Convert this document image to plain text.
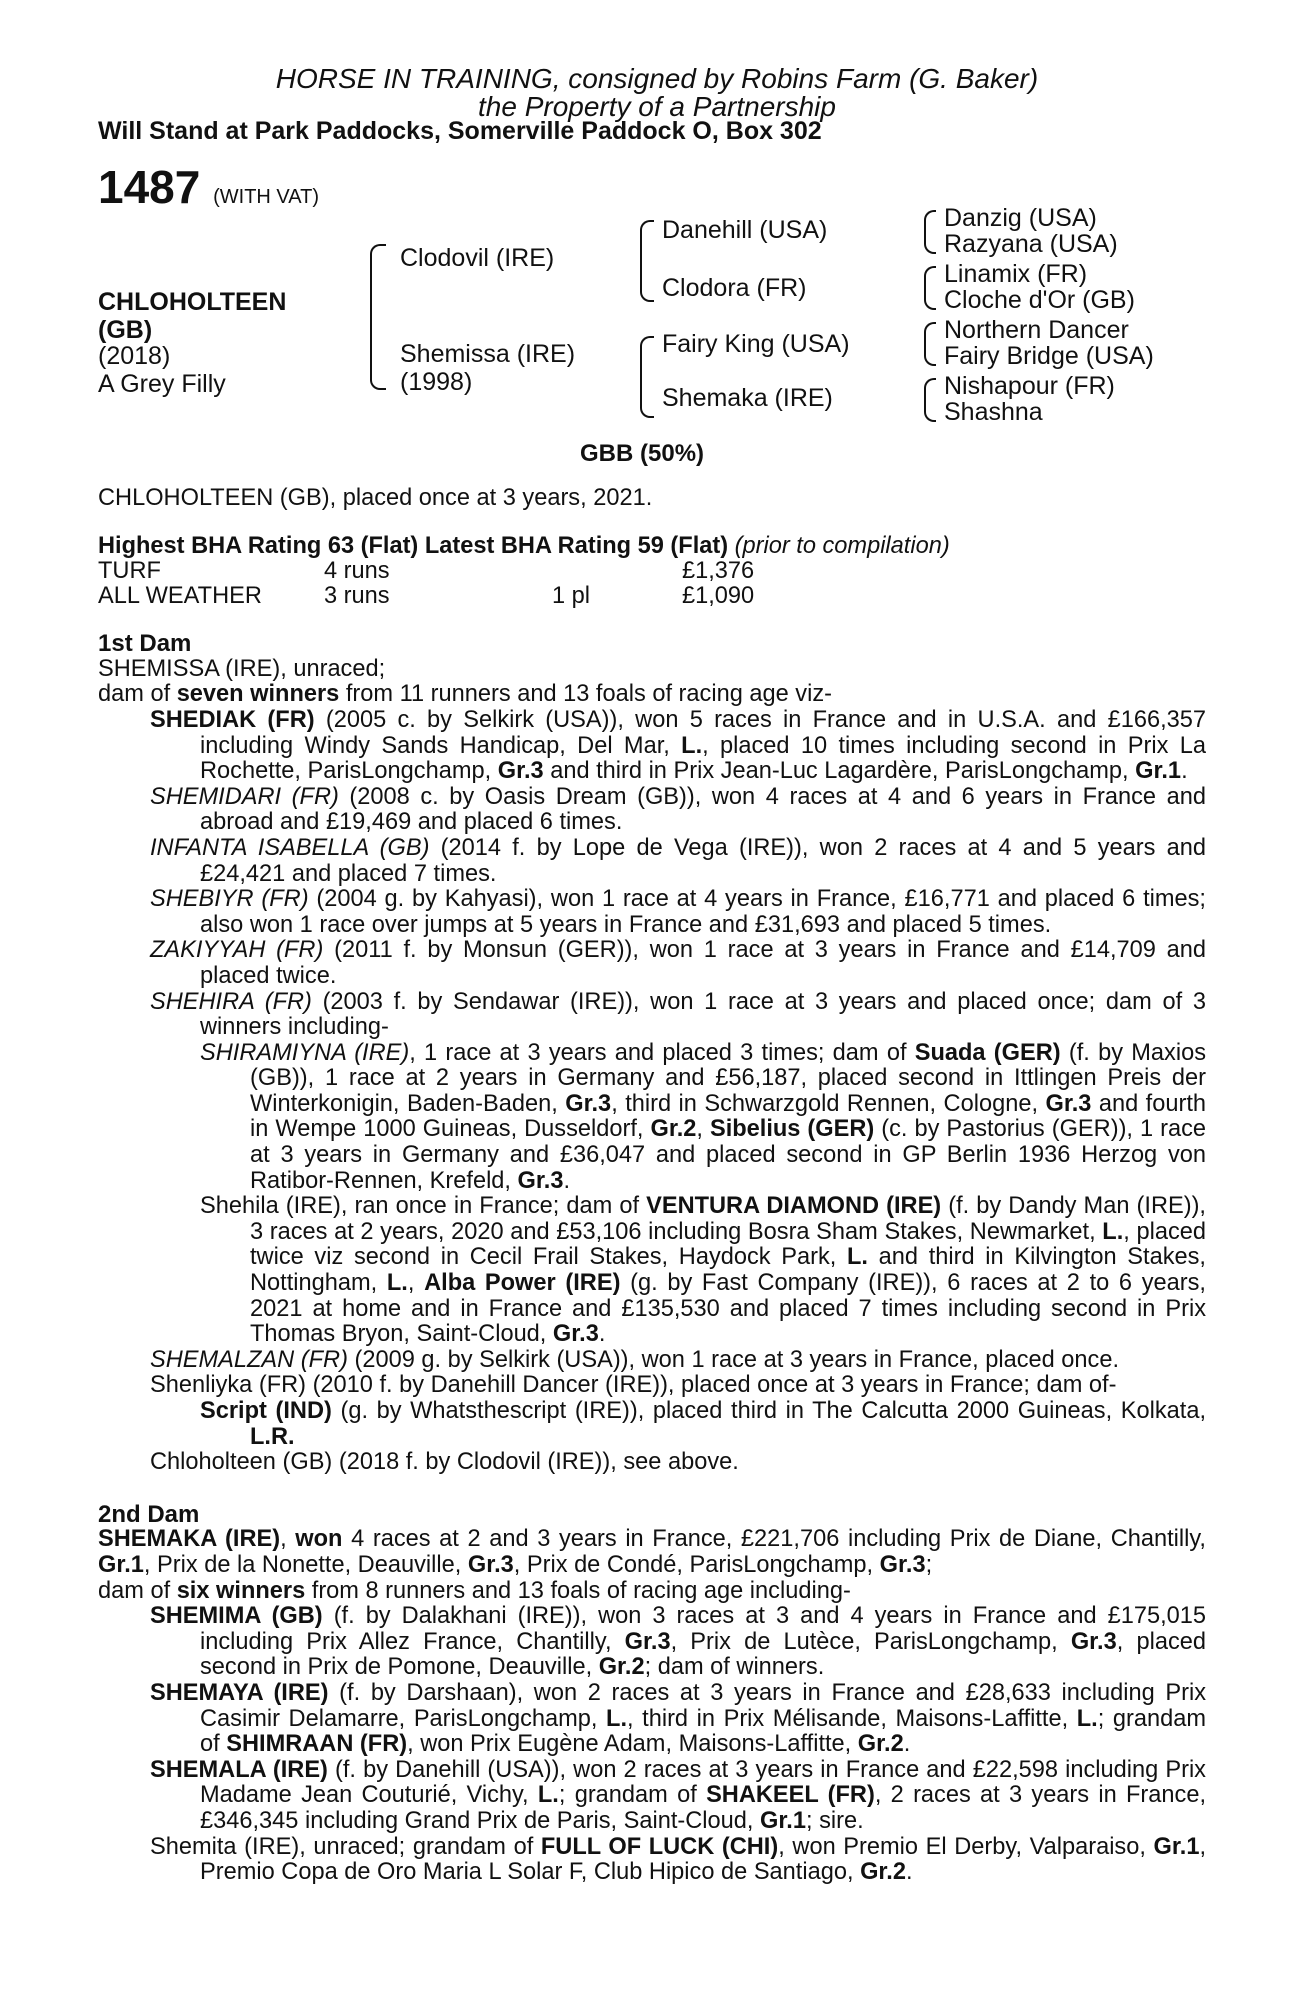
HORSE IN TRAINING, consigned by Robins Farm (G. Baker)
the Property of a Partnership
Will Stand at Park Paddocks, Somerville Paddock O, Box 302
1487 (WITH VAT)
CHLOHOLTEEN
(GB)
(2018)
A Grey Filly
Clodovil (IRE)
Shemissa (IRE)
(1998)
Danehill (USA)
Clodora (FR)
Fairy King (USA)
Shemaka (IRE)
Danzig (USA)
Razyana (USA)
Linamix (FR)
Cloche d'Or (GB)
Northern Dancer
Fairy Bridge (USA)
Nishapour (FR)
Shashna
GBB (50%)

CHLOHOLTEEN (GB), placed once at 3 years, 2021.

Highest BHA Rating 63 (Flat) Latest BHA Rating 59 (Flat) (prior to compilation)

TURF	4 runs		£1,376
ALL WEATHER	3 runs	1 pl	£1,090
1st Dam

SHEMISSA (IRE), unraced;

dam of seven winners from 11 runners and 13 foals of racing age viz-

SHEDIAK (FR) (2005 c. by Selkirk (USA)), won 5 races in France and in U.S.A. and £166,357 including Windy Sands Handicap, Del Mar, L., placed 10 times including second in Prix La Rochette, ParisLongchamp, Gr.3 and third in Prix Jean-Luc Lagardère, ParisLongchamp, Gr.1.

SHEMIDARI (FR) (2008 c. by Oasis Dream (GB)), won 4 races at 4 and 6 years in France and abroad and £19,469 and placed 6 times.

INFANTA ISABELLA (GB) (2014 f. by Lope de Vega (IRE)), won 2 races at 4 and 5 years and £24,421 and placed 7 times.

SHEBIYR (FR) (2004 g. by Kahyasi), won 1 race at 4 years in France, £16,771 and placed 6 times; also won 1 race over jumps at 5 years in France and £31,693 and placed 5 times.

ZAKIYYAH (FR) (2011 f. by Monsun (GER)), won 1 race at 3 years in France and £14,709 and placed twice.

SHEHIRA (FR) (2003 f. by Sendawar (IRE)), won 1 race at 3 years and placed once; dam of 3 winners including-

SHIRAMIYNA (IRE), 1 race at 3 years and placed 3 times; dam of Suada (GER) (f. by Maxios (GB)), 1 race at 2 years in Germany and £56,187, placed second in Ittlingen Preis der Winterkonigin, Baden-Baden, Gr.3, third in Schwarzgold Rennen, Cologne, Gr.3 and fourth in Wempe 1000 Guineas, Dusseldorf, Gr.2, Sibelius (GER) (c. by Pastorius (GER)), 1 race at 3 years in Germany and £36,047 and placed second in GP Berlin 1936 Herzog von Ratibor-Rennen, Krefeld, Gr.3.

Shehila (IRE), ran once in France; dam of VENTURA DIAMOND (IRE) (f. by Dandy Man (IRE)), 3 races at 2 years, 2020 and £53,106 including Bosra Sham Stakes, Newmarket, L., placed twice viz second in Cecil Frail Stakes, Haydock Park, L. and third in Kilvington Stakes, Nottingham, L., Alba Power (IRE) (g. by Fast Company (IRE)), 6 races at 2 to 6 years, 2021 at home and in France and £135,530 and placed 7 times including second in Prix Thomas Bryon, Saint-Cloud, Gr.3.

SHEMALZAN (FR) (2009 g. by Selkirk (USA)), won 1 race at 3 years in France, placed once.

Shenliyka (FR) (2010 f. by Danehill Dancer (IRE)), placed once at 3 years in France; dam of-

Script (IND) (g. by Whatsthescript (IRE)), placed third in The Calcutta 2000 Guineas, Kolkata, L.R.

Chloholteen (GB) (2018 f. by Clodovil (IRE)), see above.

2nd Dam

SHEMAKA (IRE), won 4 races at 2 and 3 years in France, £221,706 including Prix de Diane, Chantilly, Gr.1, Prix de la Nonette, Deauville, Gr.3, Prix de Condé, ParisLongchamp, Gr.3;

dam of six winners from 8 runners and 13 foals of racing age including-

SHEMIMA (GB) (f. by Dalakhani (IRE)), won 3 races at 3 and 4 years in France and £175,015 including Prix Allez France, Chantilly, Gr.3, Prix de Lutèce, ParisLongchamp, Gr.3, placed second in Prix de Pomone, Deauville, Gr.2; dam of winners.

SHEMAYA (IRE) (f. by Darshaan), won 2 races at 3 years in France and £28,633 including Prix Casimir Delamarre, ParisLongchamp, L., third in Prix Mélisande, Maisons-Laffitte, L.; grandam of SHIMRAAN (FR), won Prix Eugène Adam, Maisons-Laffitte, Gr.2.

SHEMALA (IRE) (f. by Danehill (USA)), won 2 races at 3 years in France and £22,598 including Prix Madame Jean Couturié, Vichy, L.; grandam of SHAKEEL (FR), 2 races at 3 years in France, £346,345 including Grand Prix de Paris, Saint-Cloud, Gr.1; sire.

Shemita (IRE), unraced; grandam of FULL OF LUCK (CHI), won Premio El Derby, Valparaiso, Gr.1, Premio Copa de Oro Maria L Solar F, Club Hipico de Santiago, Gr.2.
